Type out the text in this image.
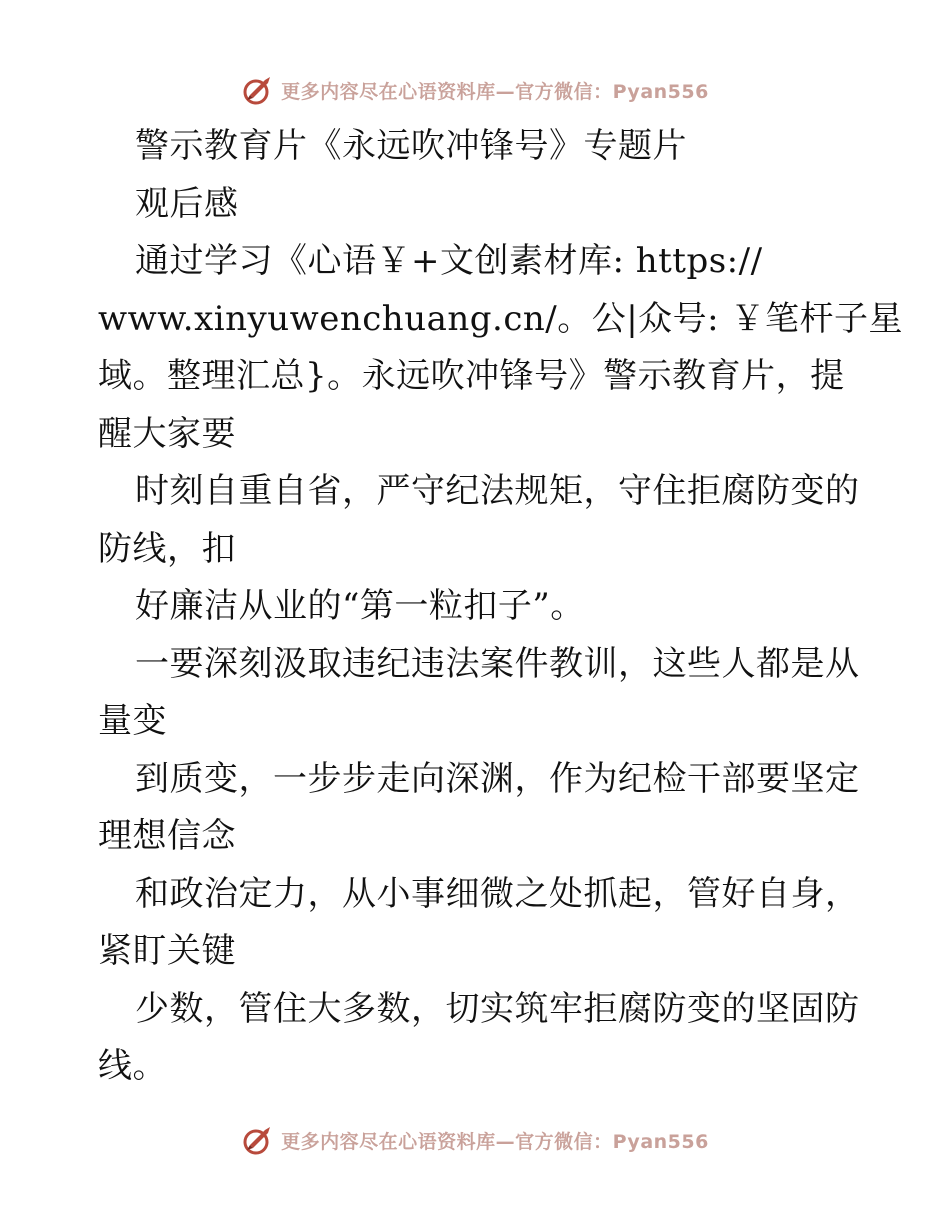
更多内容尽在心语资料库—官方微信：Pyan556
警示教育片《永远吹冲锋号》专题片
观后感
通过学习《心语￥+文创素材库: https://
www.xinyuwenchuang.cn/。公|众号: ￥笔杆子星
域。整理汇总}。永远吹冲锋号》警示教育片，提
醒大家要
时刻自重自省，严守纪法规矩，守住拒腐防变的
防线，扣
好廉洁从业的“第一粒扣子”。
一要深刻汲取违纪违法案件教训，这些人都是从
量变
到质变，一步步走向深渊，作为纪检干部要坚定
理想信念
和政治定力，从小事细微之处抓起，管好自身，
紧盯关键
少数，管住大多数，切实筑牢拒腐防变的坚固防
线。
更多内容尽在心语资料库—官方微信：Pyan556
